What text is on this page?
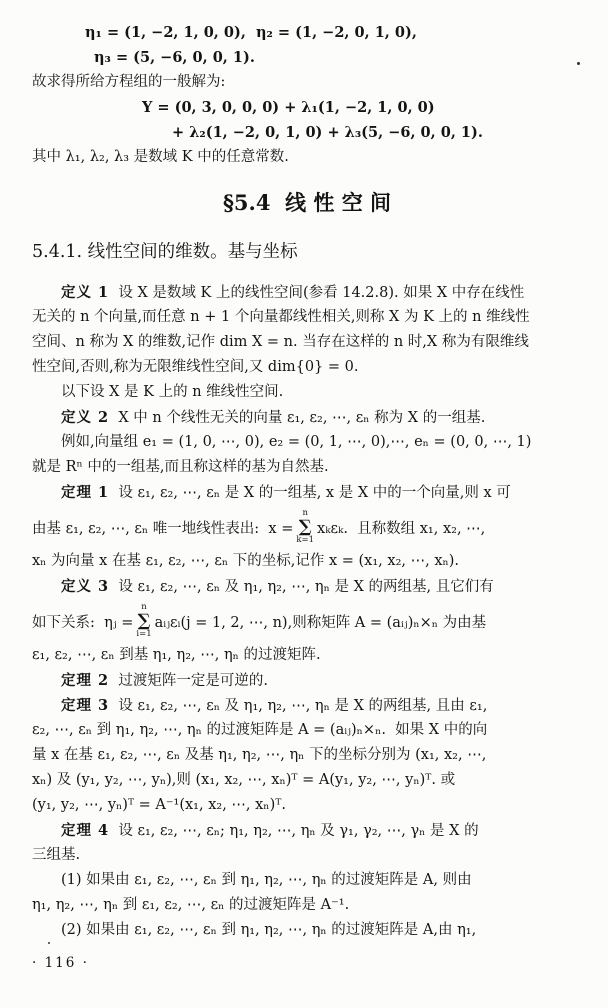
η₁ = (1, −2, 1, 0, 0),  η₂ = (1, −2, 0, 1, 0),
η₃ = (5, −6, 0, 0, 1).
故求得所给方程组的一般解为:
Y = (0, 3, 0, 0, 0) + λ₁(1, −2, 1, 0, 0)
+ λ₂(1, −2, 0, 1, 0) + λ₃(5, −6, 0, 0, 1).
其中 λ₁, λ₂, λ₃ 是数域 K 中的任意常数.
§5.4  线 性 空 间
5.4.1. 线性空间的维数。基与坐标
定义 1  设 X 是数域 K 上的线性空间(参看 14.2.8). 如果 X 中存在线性
无关的 n 个向量,而任意 n + 1 个向量都线性相关,则称 X 为 K 上的 n 维线性
空间、n 称为 X 的维数,记作 dim X = n. 当存在这样的 n 时,X 称为有限维线
性空间,否则,称为无限维线性空间,又 dim{0} = 0.
以下设 X 是 K 上的 n 维线性空间.
定义 2  X 中 n 个线性无关的向量 ε₁, ε₂, ⋯, εₙ 称为 X 的一组基.
例如,向量组 e₁ = (1, 0, ⋯, 0), e₂ = (0, 1, ⋯, 0),⋯, eₙ = (0, 0, ⋯, 1)
就是 Rⁿ 中的一组基,而且称这样的基为自然基.
定理 1  设 ε₁, ε₂, ⋯, εₙ 是 X 的一组基, x 是 X 中的一个向量,则 x 可
由基 ε₁, ε₂, ⋯, εₙ 唯一地线性表出:  x =
n
∑
k=1
xₖεₖ.  且称数组 x₁, x₂, ⋯,
xₙ 为向量 x 在基 ε₁, ε₂, ⋯, εₙ 下的坐标,记作 x = (x₁, x₂, ⋯, xₙ).
定义 3  设 ε₁, ε₂, ⋯, εₙ 及 η₁, η₂, ⋯, ηₙ 是 X 的两组基, 且它们有
如下关系:  ηⱼ =
n
∑
i=1
aᵢⱼεᵢ(j = 1, 2, ⋯, n),则称矩阵 A = (aᵢⱼ)ₙ×ₙ 为由基
ε₁, ε₂, ⋯, εₙ 到基 η₁, η₂, ⋯, ηₙ 的过渡矩阵.
定理 2  过渡矩阵一定是可逆的.
定理 3  设 ε₁, ε₂, ⋯, εₙ 及 η₁, η₂, ⋯, ηₙ 是 X 的两组基, 且由 ε₁,
ε₂, ⋯, εₙ 到 η₁, η₂, ⋯, ηₙ 的过渡矩阵是 A = (aᵢⱼ)ₙ×ₙ.  如果 X 中的向
量 x 在基 ε₁, ε₂, ⋯, εₙ 及基 η₁, η₂, ⋯, ηₙ 下的坐标分别为 (x₁, x₂, ⋯,
xₙ) 及 (y₁, y₂, ⋯, yₙ),则 (x₁, x₂, ⋯, xₙ)ᵀ = A(y₁, y₂, ⋯, yₙ)ᵀ. 或
(y₁, y₂, ⋯, yₙ)ᵀ = A⁻¹(x₁, x₂, ⋯, xₙ)ᵀ.
定理 4  设 ε₁, ε₂, ⋯, εₙ; η₁, η₂, ⋯, ηₙ 及 γ₁, γ₂, ⋯, γₙ 是 X 的
三组基.
(1) 如果由 ε₁, ε₂, ⋯, εₙ 到 η₁, η₂, ⋯, ηₙ 的过渡矩阵是 A, 则由
η₁, η₂, ⋯, ηₙ 到 ε₁, ε₂, ⋯, εₙ 的过渡矩阵是 A⁻¹.
(2) 如果由 ε₁, ε₂, ⋯, εₙ 到 η₁, η₂, ⋯, ηₙ 的过渡矩阵是 A,由 η₁,
· 116 ·
